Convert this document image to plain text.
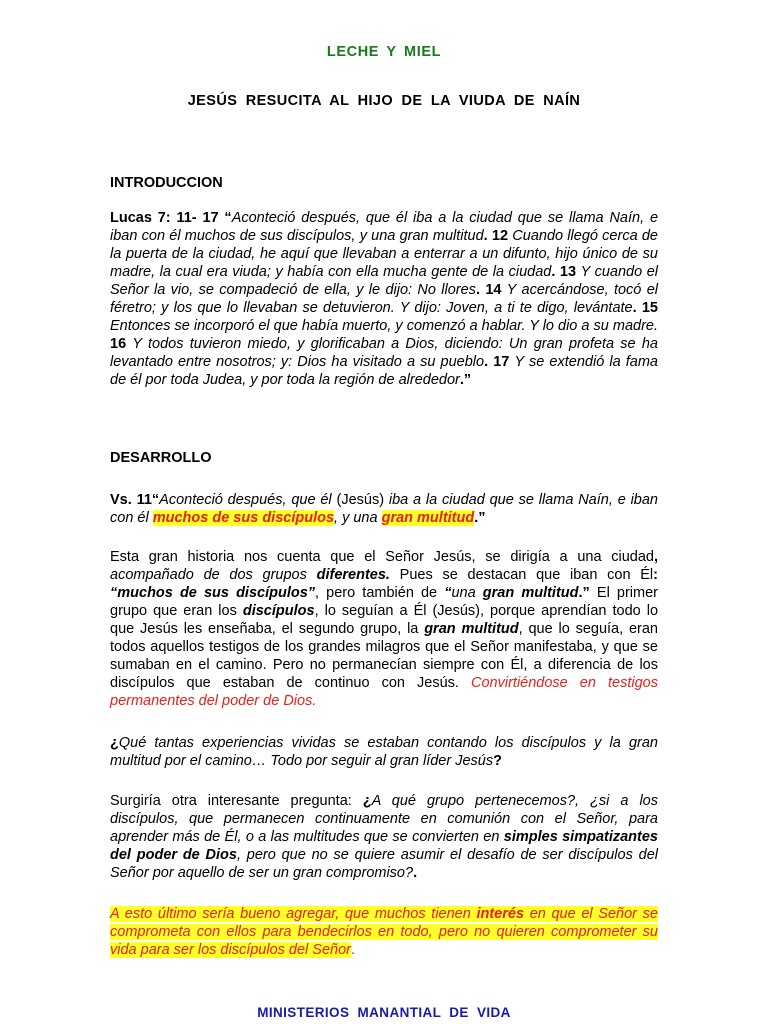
LECHE Y MIEL
JESÚS RESUCITA AL HIJO DE LA VIUDA DE NAÍN
INTRODUCCION

Lucas 7: 11- 17 “Aconteció después, que él iba a la ciudad que se llama Naín, e iban con él muchos de sus discípulos, y una gran multitud. 12 Cuando llegó cerca de la puerta de la ciudad, he aquí que llevaban a enterrar a un difunto, hijo único de su madre, la cual era viuda; y había con ella mucha gente de la ciudad. 13 Y cuando el Señor la vio, se compadeció de ella, y le dijo: No llores. 14 Y acercándose, tocó el féretro; y los que lo llevaban se detuvieron. Y dijo: Joven, a ti te digo, levántate. 15 Entonces se incorporó el que había muerto, y comenzó a hablar. Y lo dio a su madre. 16 Y todos tuvieron miedo, y glorificaban a Dios, diciendo: Un gran profeta se ha levantado entre nosotros; y: Dios ha visitado a su pueblo. 17 Y se extendió la fama de él por toda Judea, y por toda la región de alrededor.”

DESARROLLO

Vs. 11“Aconteció después, que él (Jesús) iba a la ciudad que se llama Naín, e iban con él muchos de sus discípulos, y una gran multitud.”

Esta gran historia nos cuenta que el Señor Jesús, se dirigía a una ciudad, acompañado de dos grupos diferentes. Pues se destacan que iban con Él: “muchos de sus discípulos”, pero también de “una gran multitud.” El primer grupo que eran los discípulos, lo seguían a Él (Jesús), porque aprendían todo lo que Jesús les enseñaba, el segundo grupo, la gran multitud, que lo seguía, eran todos aquellos testigos de los grandes milagros que el Señor manifestaba, y que se sumaban en el camino. Pero no permanecían siempre con Él, a diferencia de los discípulos que estaban de continuo con Jesús. Convirtiéndose en testigos permanentes del poder de Dios.

¿Qué tantas experiencias vividas se estaban contando los discípulos y la gran multitud por el camino… Todo por seguir al gran líder Jesús?

Surgiría otra interesante pregunta: ¿A qué grupo pertenecemos?, ¿si a los discípulos, que permanecen continuamente en comunión con el Señor, para aprender más de Él, o a las multitudes que se convierten en simples simpatizantes del poder de Dios, pero que no se quiere asumir el desafío de ser discípulos del Señor por aquello de ser un gran compromiso?.

A esto último sería bueno agregar, que muchos tienen interés en que el Señor se comprometa con ellos para bendecirlos en todo, pero no quieren comprometer su vida para ser los discípulos del Señor.

MINISTERIOS MANANTIAL DE VIDA
